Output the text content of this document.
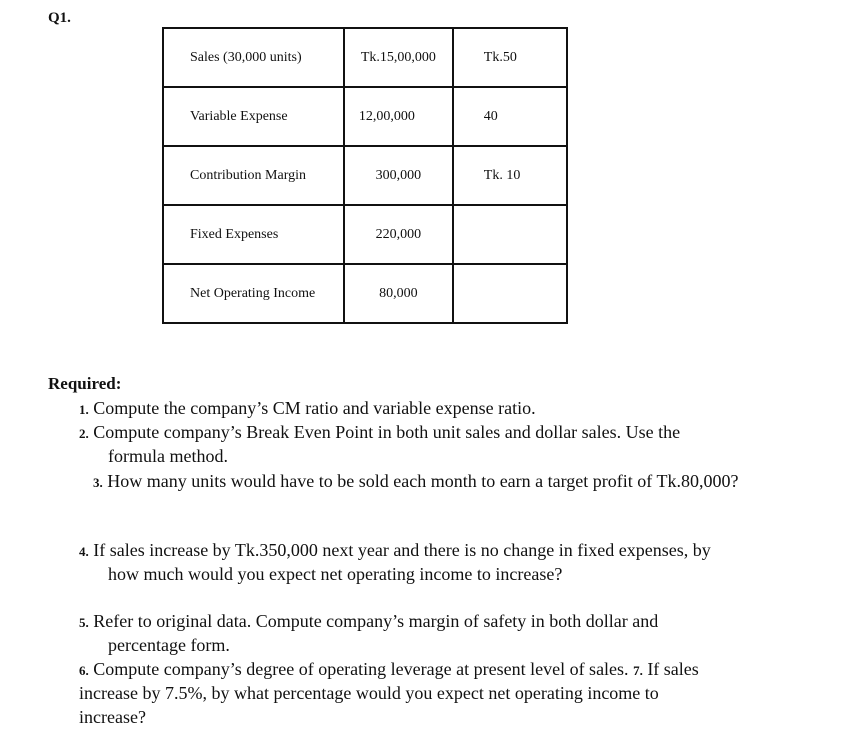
Q1.
Sales (30,000 units)	Tk.15,00,000	Tk.50
Variable Expense	12,00,000	40
Contribution Margin	300,000	Tk. 10
Fixed Expenses	220,000	
Net Operating Income	80,000	
Required:
1. Compute the company’s CM ratio and variable expense ratio.
2. Compute company’s Break Even Point in both unit sales and dollar sales. Use the
formula method.
3. How many units would have to be sold each month to earn a target profit of Tk.80,000?
4. If sales increase by Tk.350,000 next year and there is no change in fixed expenses, by
how much would you expect net operating income to increase?
5. Refer to original data. Compute company’s margin of safety in both dollar and
percentage form.
6. Compute company’s degree of operating leverage at present level of sales. 7. If sales
increase by 7.5%, by what percentage would you expect net operating income to
increase?
